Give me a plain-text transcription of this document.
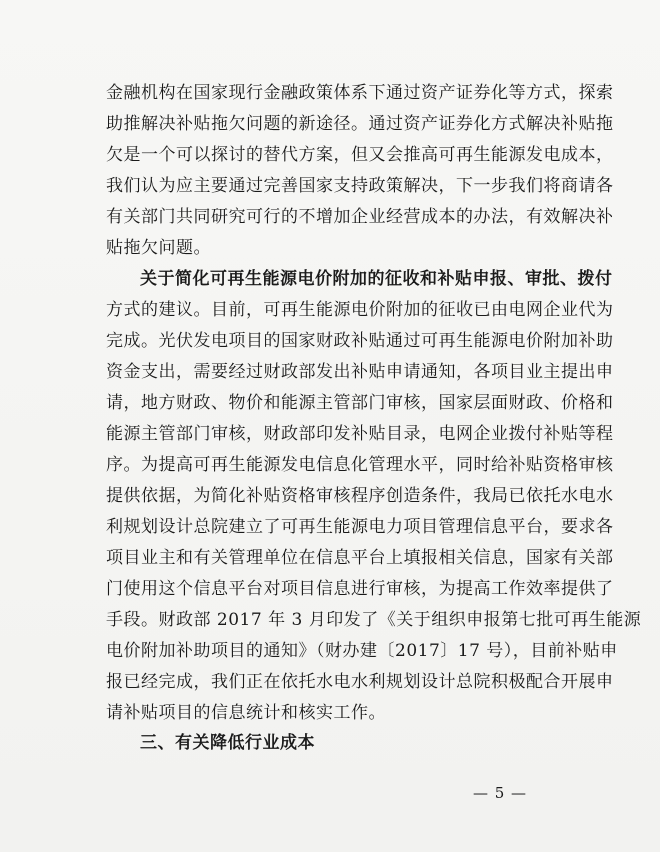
金融机构在国家现行金融政策体系下通过资产证券化等方式，探索
助推解决补贴拖欠问题的新途径。通过资产证券化方式解决补贴拖
欠是一个可以探讨的替代方案，但又会推高可再生能源发电成本，
我们认为应主要通过完善国家支持政策解决，下一步我们将商请各
有关部门共同研究可行的不增加企业经营成本的办法，有效解决补
贴拖欠问题。
关于简化可再生能源电价附加的征收和补贴申报、审批、拨付
方式的建议。目前，可再生能源电价附加的征收已由电网企业代为
完成。光伏发电项目的国家财政补贴通过可再生能源电价附加补助
资金支出，需要经过财政部发出补贴申请通知，各项目业主提出申
请，地方财政、物价和能源主管部门审核，国家层面财政、价格和
能源主管部门审核，财政部印发补贴目录，电网企业拨付补贴等程
序。为提高可再生能源发电信息化管理水平，同时给补贴资格审核
提供依据，为简化补贴资格审核程序创造条件，我局已依托水电水
利规划设计总院建立了可再生能源电力项目管理信息平台，要求各
项目业主和有关管理单位在信息平台上填报相关信息，国家有关部
门使用这个信息平台对项目信息进行审核，为提高工作效率提供了
手段。财政部 2017 年 3 月印发了《关于组织申报第七批可再生能源
电价附加补助项目的通知》（财办建〔2017〕17 号），目前补贴申
报已经完成，我们正在依托水电水利规划设计总院积极配合开展申
请补贴项目的信息统计和核实工作。
三、有关降低行业成本
— 5 —
